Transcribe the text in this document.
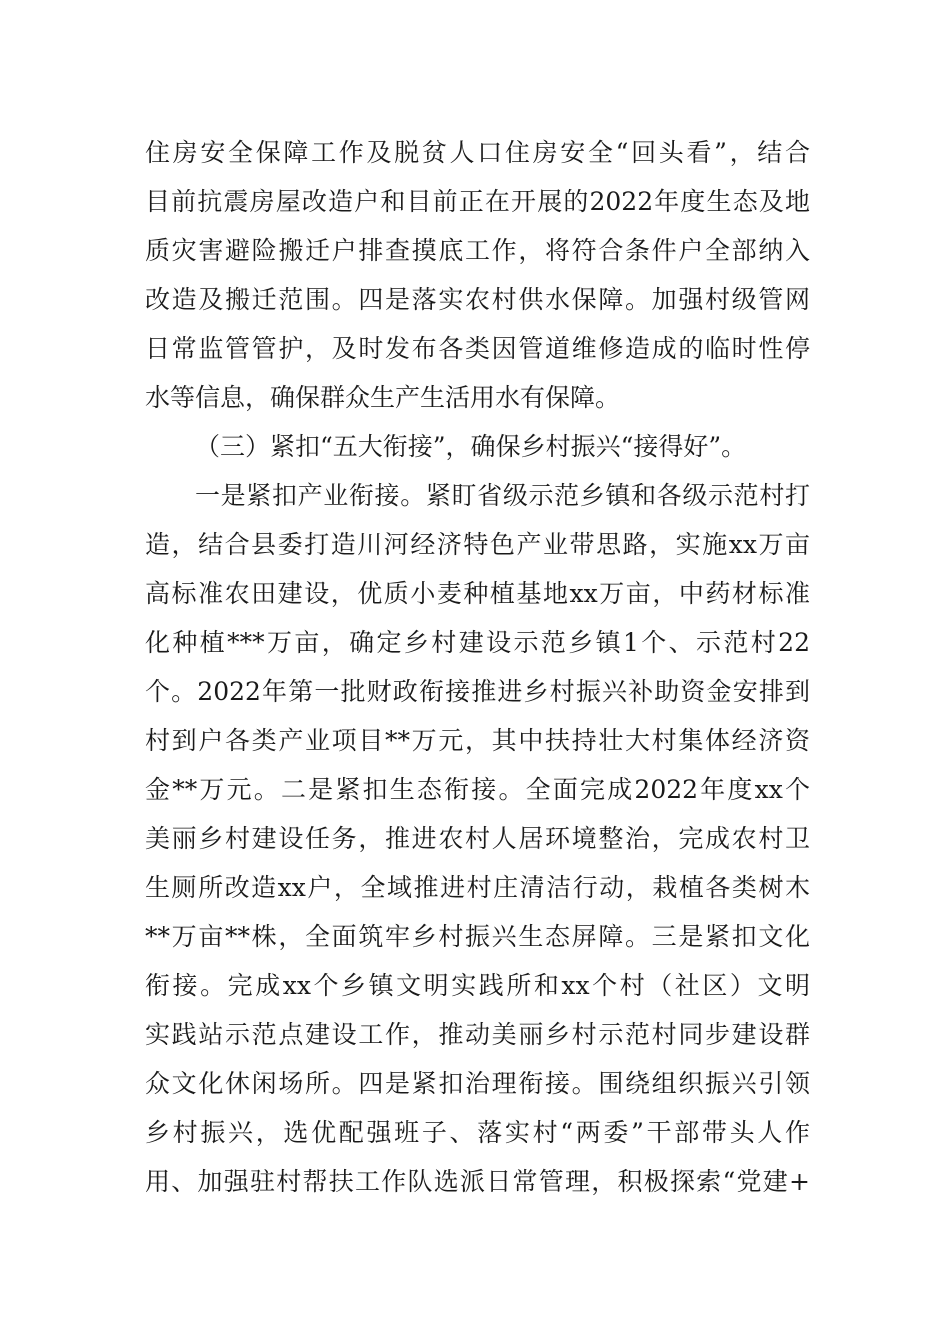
住房安全保障工作及脱贫人口住房安全“回头看”，结合
目前抗震房屋改造户和目前正在开展的2022年度生态及地
质灾害避险搬迁户排查摸底工作，将符合条件户全部纳入
改造及搬迁范围。四是落实农村供水保障。加强村级管网
日常监管管护，及时发布各类因管道维修造成的临时性停
水等信息，确保群众生产生活用水有保障。
（三）紧扣“五大衔接”，确保乡村振兴“接得好”。
一是紧扣产业衔接。紧盯省级示范乡镇和各级示范村打
造，结合县委打造川河经济特色产业带思路，实施xx万亩
高标准农田建设，优质小麦种植基地xx万亩，中药材标准
化种植***万亩，确定乡村建设示范乡镇1个、示范村22
个。2022年第一批财政衔接推进乡村振兴补助资金安排到
村到户各类产业项目**万元，其中扶持壮大村集体经济资
金**万元。二是紧扣生态衔接。全面完成2022年度xx个
美丽乡村建设任务，推进农村人居环境整治，完成农村卫
生厕所改造xx户，全域推进村庄清洁行动，栽植各类树木
**万亩**株，全面筑牢乡村振兴生态屏障。三是紧扣文化
衔接。完成xx个乡镇文明实践所和xx个村（社区）文明
实践站示范点建设工作，推动美丽乡村示范村同步建设群
众文化休闲场所。四是紧扣治理衔接。围绕组织振兴引领
乡村振兴，选优配强班子、落实村“两委”干部带头人作
用、加强驻村帮扶工作队选派日常管理，积极探索“党建+
